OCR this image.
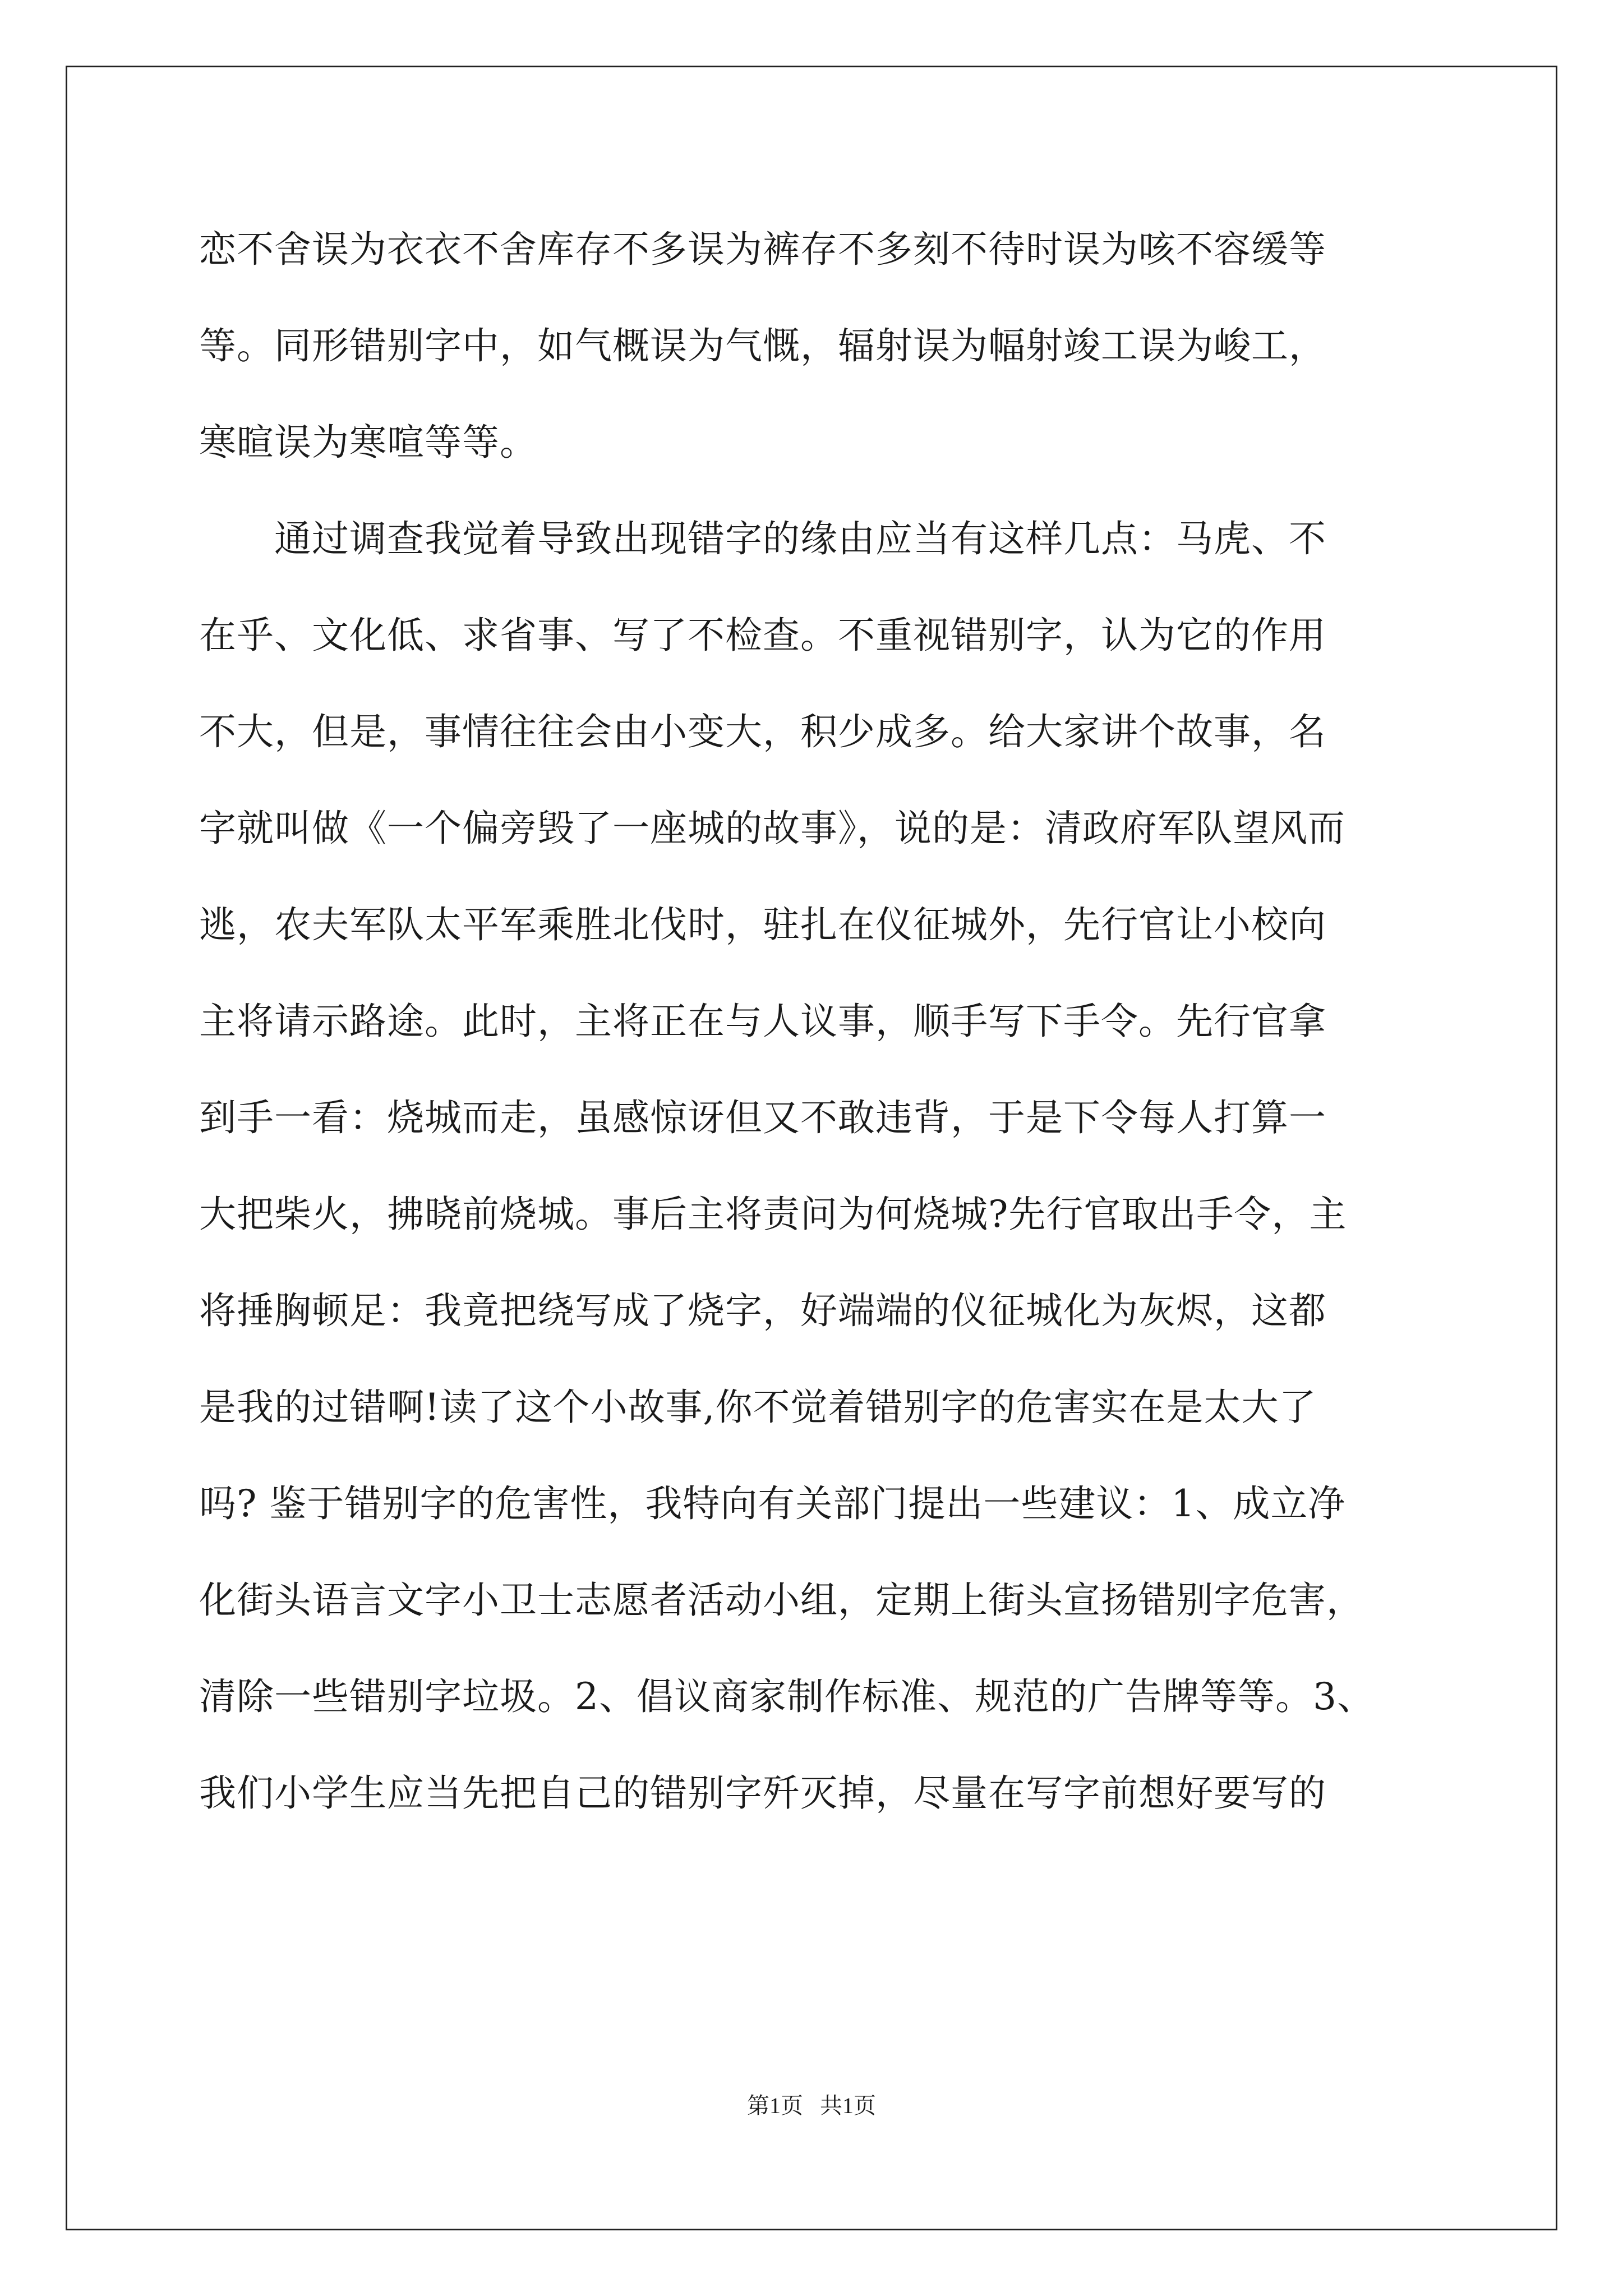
恋不舍误为衣衣不舍库存不多误为裤存不多刻不待时误为咳不容缓等
等。同形错别字中，如气概误为气慨，辐射误为幅射竣工误为峻工，
寒暄误为寒喧等等。
　　通过调查我觉着导致出现错字的缘由应当有这样几点：马虎、不
在乎、文化低、求省事、写了不检查。不重视错别字，认为它的作用
不大，但是，事情往往会由小变大，积少成多。给大家讲个故事，名
字就叫做《一个偏旁毁了一座城的故事》，说的是：清政府军队望风而
逃，农夫军队太平军乘胜北伐时，驻扎在仪征城外，先行官让小校向
主将请示路途。此时，主将正在与人议事，顺手写下手令。先行官拿
到手一看：烧城而走，虽感惊讶但又不敢违背，于是下令每人打算一
大把柴火，拂晓前烧城。事后主将责问为何烧城?先行官取出手令，主
将捶胸顿足：我竟把绕写成了烧字，好端端的仪征城化为灰烬，这都
是我的过错啊!读了这个小故事,你不觉着错别字的危害实在是太大了
吗? 鉴于错别字的危害性，我特向有关部门提出一些建议：1、成立净
化街头语言文字小卫士志愿者活动小组，定期上街头宣扬错别字危害，
清除一些错别字垃圾。2、倡议商家制作标准、规范的广告牌等等。3、
我们小学生应当先把自己的错别字歼灭掉，尽量在写字前想好要写的
第1页   共1页
